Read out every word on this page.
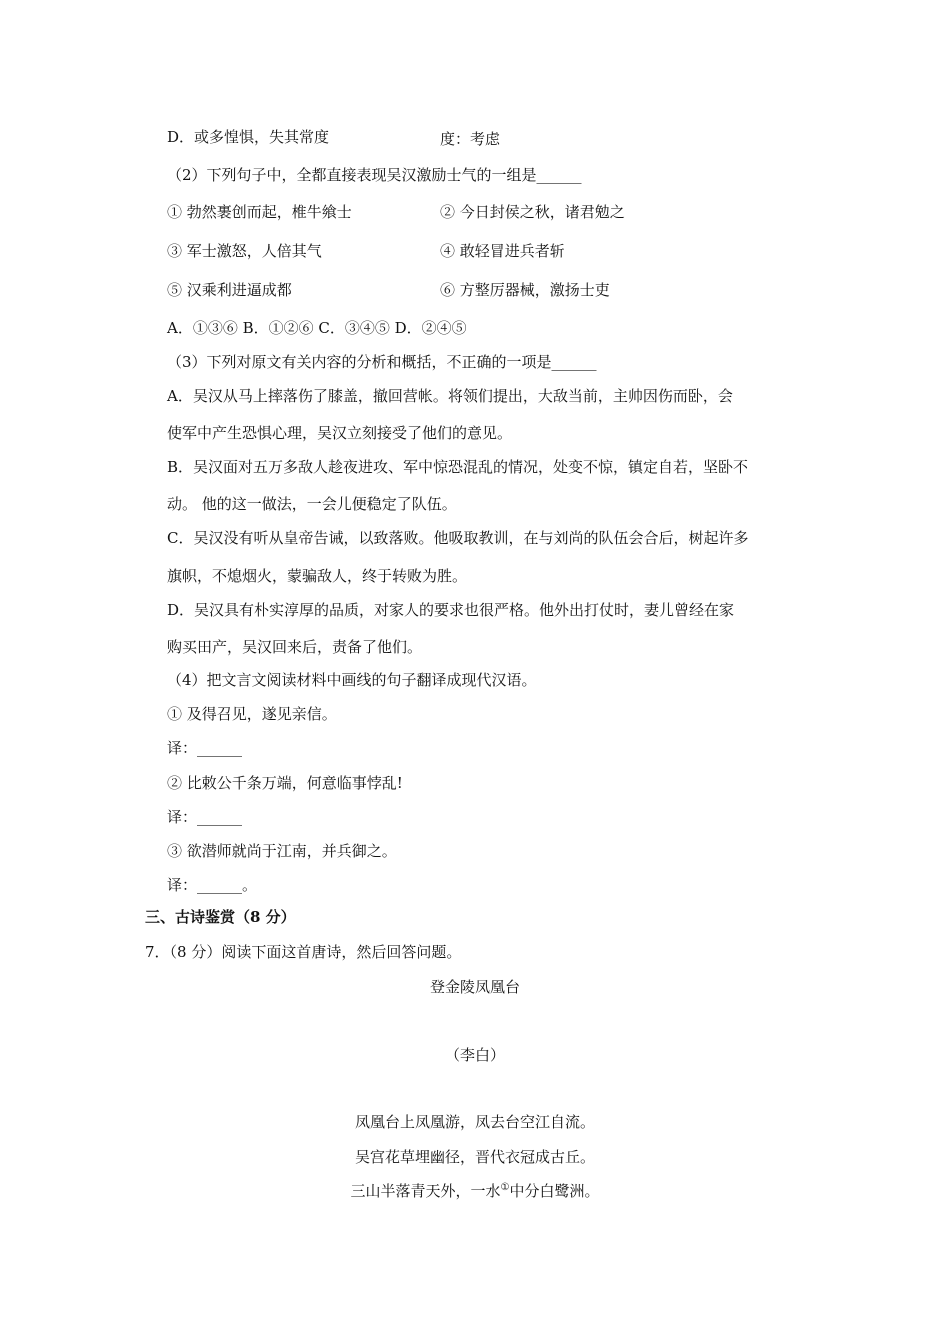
D．或多惶惧，失其常度	度：考虑
（2）下列句子中，全都直接表现吴汉激励士气的一组是______
① 勃然裹创而起，椎牛飨士	② 今日封侯之秋，诸君勉之
③ 军士激怒，人倍其气	④ 敢轻冒进兵者斩
⑤ 汉乘利进逼成都	⑥ 方整厉器械，激扬士吏
A．①③⑥ B．①②⑥ C．③④⑤ D．②④⑤
（3）下列对原文有关内容的分析和概括，不正确的一项是______
A．吴汉从马上摔落伤了膝盖，撤回营帐。将领们提出，大敌当前，主帅因伤而卧，会
使军中产生恐惧心理，吴汉立刻接受了他们的意见。
B．吴汉面对五万多敌人趁夜进攻、军中惊恐混乱的情况，处变不惊，镇定自若，坚卧不
动。 他的这一做法，一会儿便稳定了队伍。
C．吴汉没有听从皇帝告诫，以致落败。他吸取教训，在与刘尚的队伍会合后，树起许多
旗帜，不熄烟火，蒙骗敌人，终于转败为胜。
D．吴汉具有朴实淳厚的品质，对家人的要求也很严格。他外出打仗时，妻儿曾经在家
购买田产，吴汉回来后，责备了他们。
（4）把文言文阅读材料中画线的句子翻译成现代汉语。
① 及得召见，遂见亲信。
译：______
② 比敕公千条万端，何意临事悖乱!
译：______
③ 欲潜师就尚于江南，并兵御之。
译：______。
三、古诗鉴赏（8 分）
7．（8 分）阅读下面这首唐诗，然后回答问题。
登金陵凤凰台
（李白）
凤凰台上凤凰游，凤去台空江自流。
吴宫花草埋幽径，晋代衣冠成古丘。
三山半落青天外，一水①中分白鹭洲。
